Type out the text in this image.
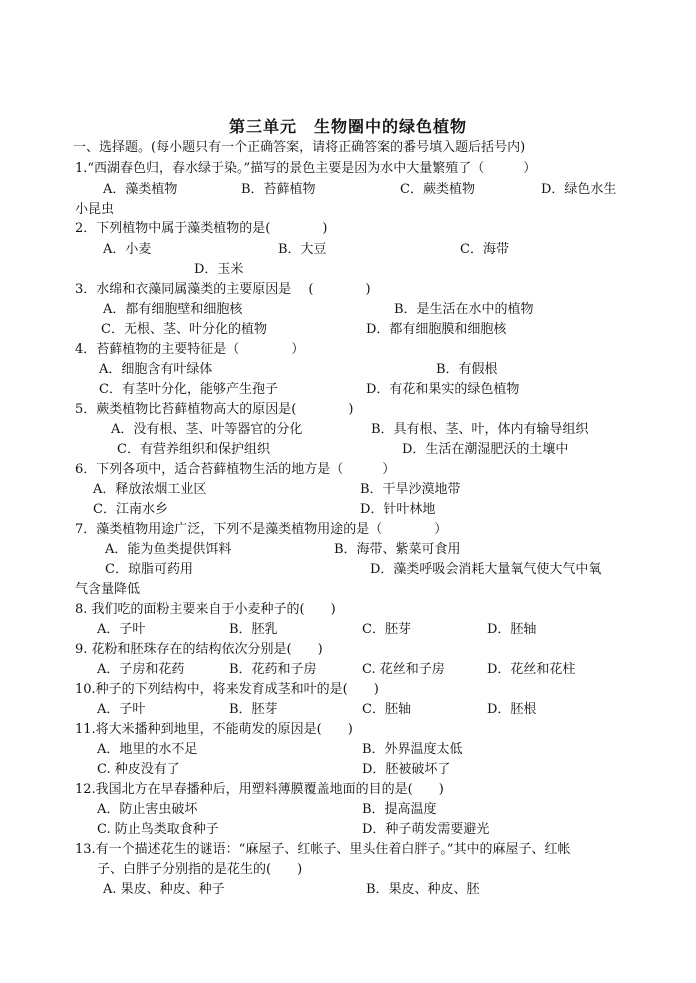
第三单元　生物圈中的绿色植物
一、选择题。(每小题只有一个正确答案，请将正确答案的番号填入题后括号内)
1.“西湖春色归，春水绿于染。”描写的景色主要是因为水中大量繁殖了（　　　）
A．藻类植物	B．苔藓植物	C．蕨类植物	D．绿色水生
小昆虫
2．下列植物中属于藻类植物的是(　　　　)
A．小麦	B．大豆	C．海带
D．玉米
3．水绵和衣藻同属藻类的主要原因是　 (　　　　)
A．都有细胞壁和细胞核	B．是生活在水中的植物
C．无根、茎、叶分化的植物	D．都有细胞膜和细胞核
4．苔藓植物的主要特征是（　　　　）
A．细胞含有叶绿体	B．有假根
C．有茎叶分化，能够产生孢子	D．有花和果实的绿色植物
5．蕨类植物比苔藓植物高大的原因是(　　　　)
A．没有根、茎、叶等器官的分化	B．具有根、茎、叶，体内有输导组织
C．有营养组织和保护组织	D．生活在潮湿肥沃的土壤中
6．下列各项中，适合苔藓植物生活的地方是（　　　）
A．释放浓烟工业区	B．干旱沙漠地带
C．江南水乡	D．针叶林地
7．藻类植物用途广泛，下列不是藻类植物用途的是（　　　　）
A．能为鱼类提供饵料	B．海带、紫菜可食用
C．琼脂可药用	D．藻类呼吸会消耗大量氧气使大气中氧
气含量降低
8. 我们吃的面粉主要来自于小麦种子的(　　)
A．子叶	B．胚乳	C．胚芽	D．胚轴
9. 花粉和胚珠存在的结构依次分别是(　　)
A．子房和花药	B．花药和子房	C. 花丝和子房	D．花丝和花柱
10.种子的下列结构中，将来发育成茎和叶的是(　　)
A．子叶	B．胚芽	C．胚轴	D．胚根
11.将大米播种到地里，不能萌发的原因是(　　)
A．地里的水不足	B．外界温度太低
C. 种皮没有了	D．胚被破坏了
12.我国北方在早春播种后，用塑料薄膜覆盖地面的目的是(　　)
A．防止害虫破坏	B．提高温度
C. 防止鸟类取食种子	D．种子萌发需要避光
13.有一个描述花生的谜语：“麻屋子、红帐子、里头住着白胖子。”其中的麻屋子、红帐
子、白胖子分别指的是花生的(　　)
A. 果皮、种皮、种子	B．果皮、种皮、胚
